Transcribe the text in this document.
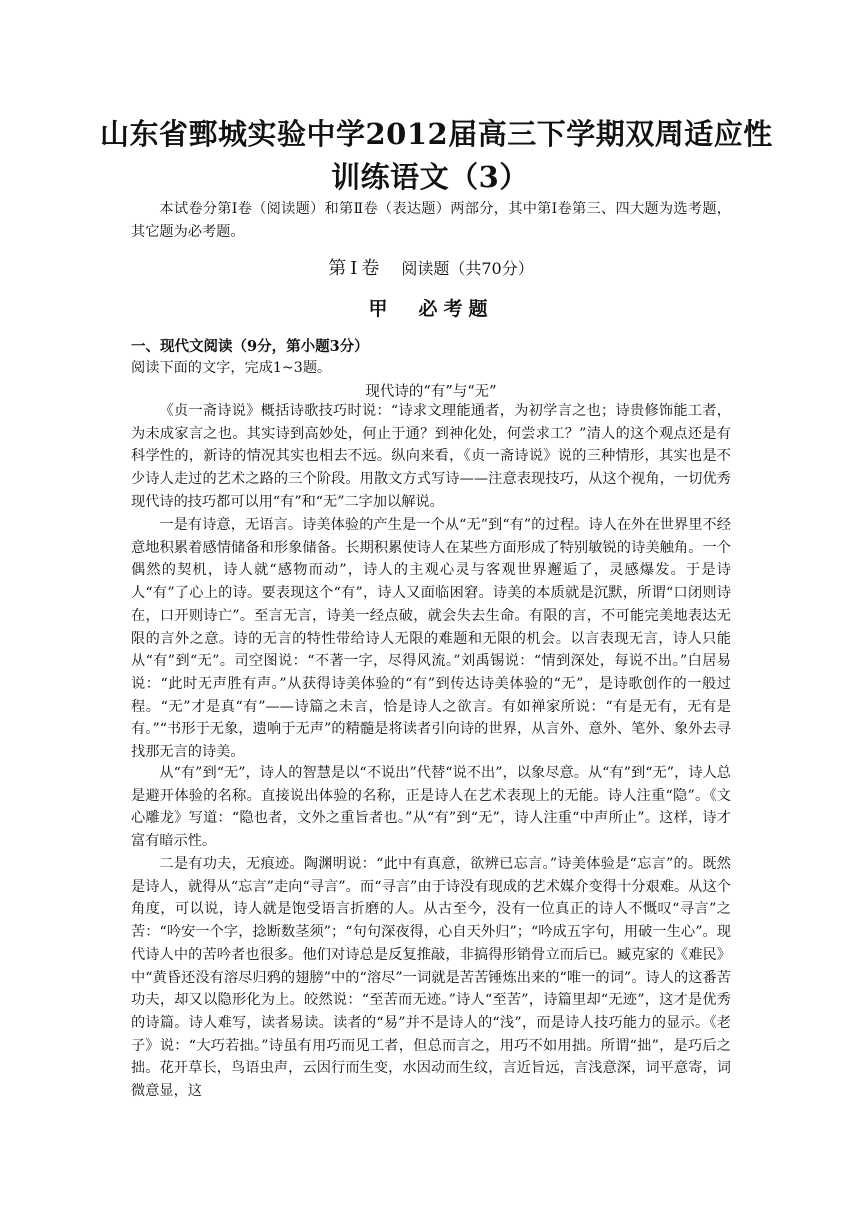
山东省鄄城实验中学2012届高三下学期双周适应性
训练语文（3）

本试卷分第Ⅰ卷（阅读题）和第Ⅱ卷（表达题）两部分，其中第Ⅰ卷第三、四大题为选考题，其它题为必考题。

第Ⅰ卷 阅读题（共70分）
甲　必考题

一、现代文阅读（9分，第小题3分）

阅读下面的文字，完成1~3题。

现代诗的“有”与“无”

《贞一斋诗说》概括诗歌技巧时说：“诗求文理能通者，为初学言之也；诗贵修饰能工者，为未成家言之也。其实诗到高妙处，何止于通？到神化处，何尝求工？”清人的这个观点还是有科学性的，新诗的情况其实也相去不远。纵向来看，《贞一斋诗说》说的三种情形，其实也是不少诗人走过的艺术之路的三个阶段。用散文方式写诗——注意表现技巧，从这个视角，一切优秀现代诗的技巧都可以用“有”和“无”二字加以解说。

一是有诗意，无语言。诗美体验的产生是一个从“无”到“有”的过程。诗人在外在世界里不经意地积累着感情储备和形象储备。长期积累使诗人在某些方面形成了特别敏锐的诗美触角。一个偶然的契机，诗人就“感物而动”，诗人的主观心灵与客观世界邂逅了，灵感爆发。于是诗人“有”了心上的诗。要表现这个“有”，诗人又面临困窘。诗美的本质就是沉默，所谓“口闭则诗在，口开则诗亡”。至言无言，诗美一经点破，就会失去生命。有限的言，不可能完美地表达无限的言外之意。诗的无言的特性带给诗人无限的难题和无限的机会。以言表现无言，诗人只能从“有”到“无”。司空图说：“不著一字，尽得风流。”刘禹锡说：“情到深处，每说不出。”白居易说：“此时无声胜有声。”从获得诗美体验的“有”到传达诗美体验的“无”，是诗歌创作的一般过程。“无”才是真“有”——诗篇之未言，恰是诗人之欲言。有如禅家所说：“有是无有，无有是有。”“书形于无象，遗响于无声”的精髓是将读者引向诗的世界，从言外、意外、笔外、象外去寻找那无言的诗美。

从“有”到“无”，诗人的智慧是以“不说出”代替“说不出”，以象尽意。从“有”到“无”，诗人总是避开体验的名称。直接说出体验的名称，正是诗人在艺术表现上的无能。诗人注重“隐”。《文心雕龙》写道：“隐也者，文外之重旨者也。”从“有”到“无”，诗人注重“中声所止”。这样，诗才富有暗示性。

二是有功夫，无痕迹。陶渊明说：“此中有真意，欲辨已忘言。”诗美体验是“忘言”的。既然是诗人，就得从“忘言”走向“寻言”。而“寻言”由于诗没有现成的艺术媒介变得十分艰难。从这个角度，可以说，诗人就是饱受语言折磨的人。从古至今，没有一位真正的诗人不慨叹“寻言”之苦：“吟安一个字，捻断数茎须”；“句句深夜得，心自天外归”；“吟成五字句，用破一生心”。现代诗人中的苦吟者也很多。他们对诗总是反复推敲，非搞得形销骨立而后已。臧克家的《难民》中“黄昏还没有溶尽归鸦的翅膀”中的“溶尽”一词就是苦苦锤炼出来的“唯一的词”。诗人的这番苦功夫，却又以隐形化为上。皎然说：“至苦而无迹。”诗人“至苦”，诗篇里却“无迹”，这才是优秀的诗篇。诗人难写，读者易读。读者的“易”并不是诗人的“浅”，而是诗人技巧能力的显示。《老子》说：“大巧若拙。”诗虽有用巧而见工者，但总而言之，用巧不如用拙。所谓“拙”，是巧后之拙。花开草长，鸟语虫声，云因行而生变，水因动而生纹，言近旨远，言浅意深，词平意寄，词微意显，这
